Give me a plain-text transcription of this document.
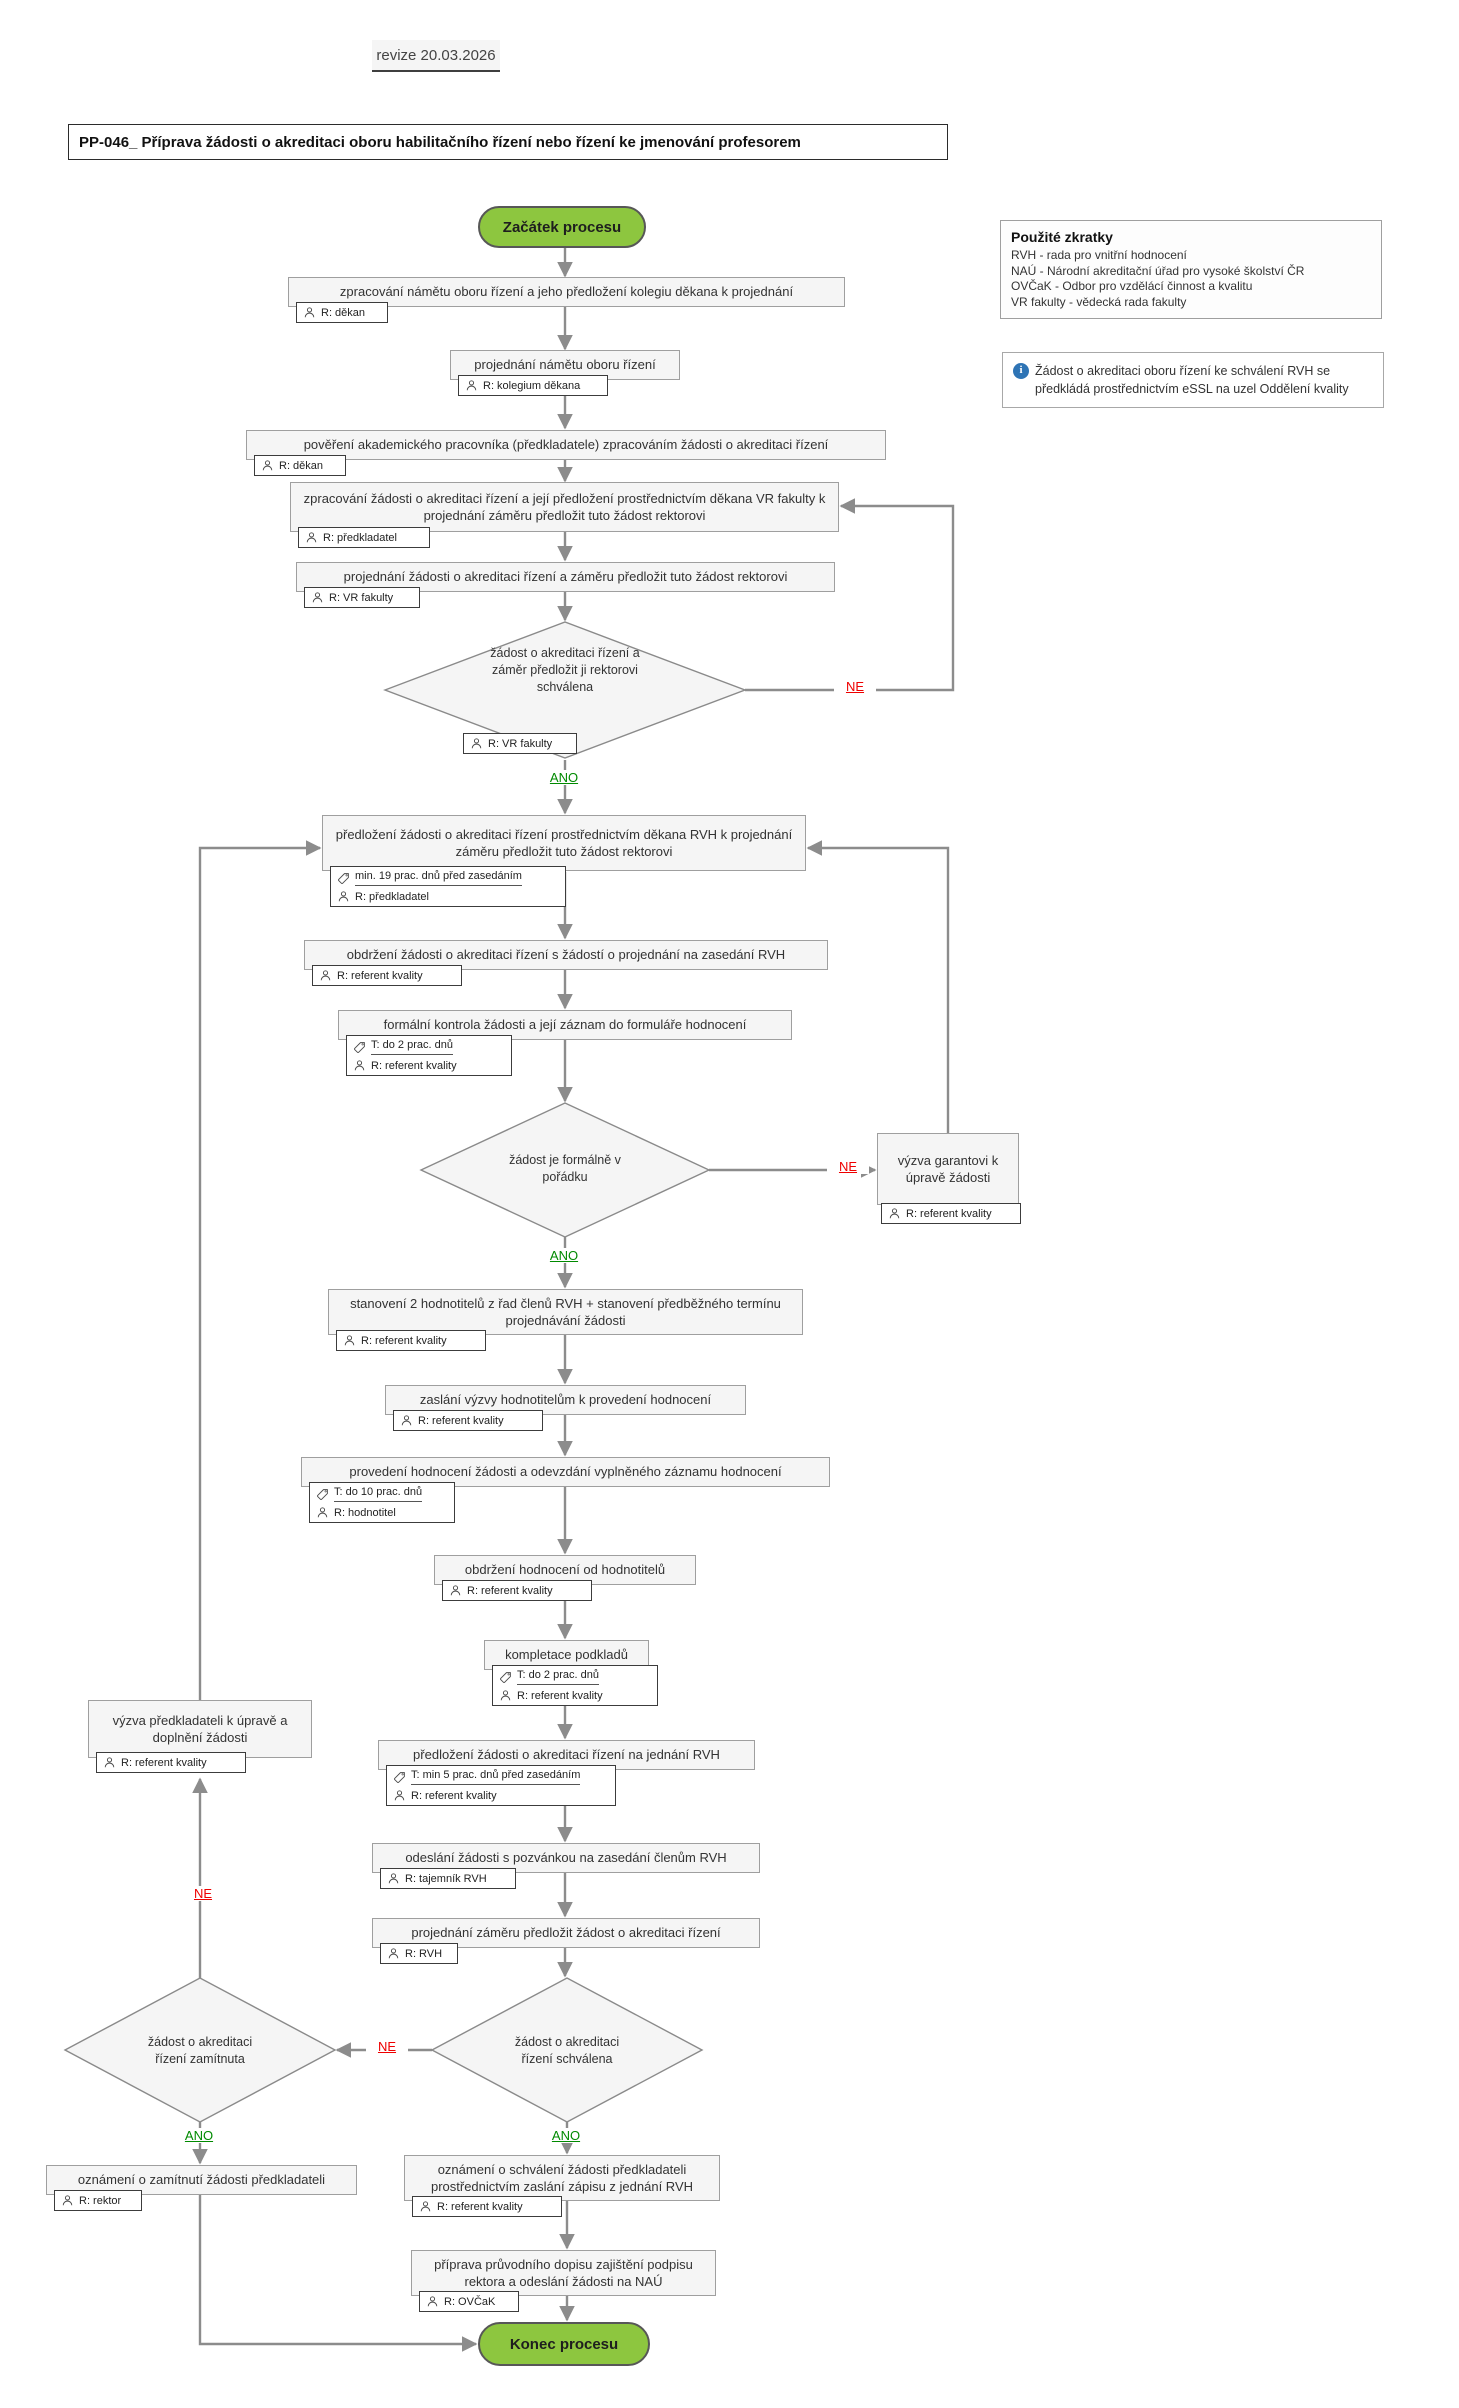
revize 20.03.2026
PP-046_ Příprava žádosti o akreditaci oboru habilitačního řízení nebo řízení ke jmenování profesorem
Použité zkratky
RVH - rada pro vnitřní hodnocení
NAÚ - Národní akreditační úřad pro vysoké školství ČR
OVČaK - Odbor pro vzdělácí činnost a kvalitu
VR fakulty - vědecká rada fakulty
i Žádost o akreditaci oboru řízení ke schválení RVH se předkládá prostřednictvím eSSL na uzel Oddělení kvality
Začátek procesu
zpracování námětu oboru řízení a jeho předložení kolegiu děkana k projednání
R: děkan
projednání námětu oboru řízení
R: kolegium děkana
pověření akademického pracovníka (předkladatele) zpracováním žádosti o akreditaci řízení
R: děkan
zpracování žádosti o akreditaci řízení a její předložení prostřednictvím děkana VR fakulty k projednání záměru předložit tuto žádost rektorovi
R: předkladatel
projednání žádosti o akreditaci řízení a záměru předložit tuto žádost rektorovi
R: VR fakulty
žádost o akreditaci řízení a záměr předložit ji rektorovi schválena
R: VR fakulty
NE
ANO
předložení žádosti o akreditaci řízení prostřednictvím děkana RVH k projednání záměru předložit tuto žádost rektorovi
min. 19 prac. dnů před zasedáním
R: předkladatel
obdržení žádosti o akreditaci řízení s žádostí o projednání na zasedání RVH
R: referent kvality
formální kontrola žádosti a její záznam do formuláře hodnocení
T: do 2 prac. dnů
R: referent kvality
žádost je formálně v pořádku
NE
ANO
výzva garantovi k úpravě žádosti
R: referent kvality
stanovení 2 hodnotitelů z řad členů RVH + stanovení předběžného termínu projednávání žádosti
R: referent kvality
zaslání výzvy hodnotitelům k provedení hodnocení
R: referent kvality
provedení hodnocení žádosti a odevzdání vyplněného záznamu hodnocení
T: do 10 prac. dnů
R: hodnotitel
obdržení hodnocení od hodnotitelů
R: referent kvality
kompletace podkladů
T: do 2 prac. dnů
R: referent kvality
výzva předkladateli k úpravě a doplnění žádosti
R: referent kvality
předložení žádosti o akreditaci řízení na jednání RVH
T: min 5 prac. dnů před zasedáním
R: referent kvality
odeslání žádosti s pozvánkou na zasedání členům RVH
R: tajemník RVH
projednání záměru předložit žádost o akreditaci řízení
R: RVH
žádost o akreditaci řízení zamítnuta
žádost o akreditaci řízení schválena
NE
NE
ANO	ANO
oznámení o zamítnutí žádosti předkladateli
R: rektor
oznámení o schválení žádosti předkladateli prostřednictvím zaslání zápisu z jednání RVH
R: referent kvality
příprava průvodního dopisu zajištění podpisu rektora a odeslání žádosti na NAÚ
R: OVČaK
Konec procesu
